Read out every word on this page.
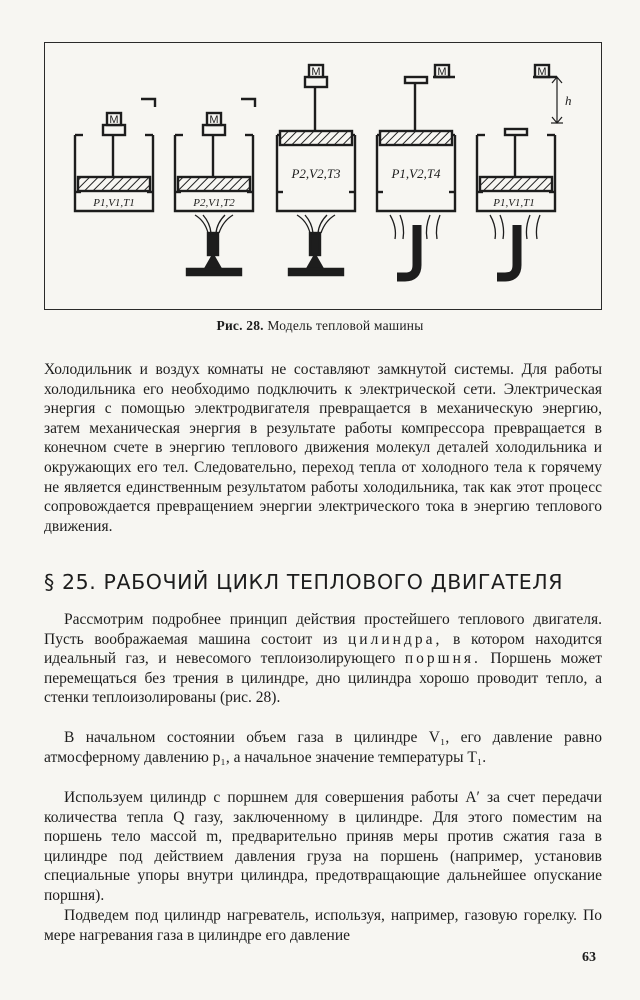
M
P1,V1,T1
M
P2,V1,T2
M
P2,V2,T3
M
P1,V2,T4
M
h
P1,V1,T1
Рис. 28. Модель тепловой машины

Холодильник и воздух комнаты не составляют замкнутой системы. Для работы холодильника его необходимо подключить к электрической сети. Электрическая энергия с помощью электродвигателя превращается в механическую энергию, затем механическая энергия в результате работы компрессора превращается в конечном счете в энергию теплового движения молекул деталей холодильника и окружающих его тел. Следовательно, переход тепла от холодного тела к горячему не является единственным результатом работы холодильника, так как этот процесс сопровождается превращением энергии электрического тока в энергию теплового движения.

§ 25. РАБОЧИЙ ЦИКЛ ТЕПЛОВОГО ДВИГАТЕЛЯ

Рассмотрим подробнее принцип действия простейшего теплового двигателя. Пусть воображаемая машина состоит из цилиндра, в котором находится идеальный газ, и невесомого теплоизолирующего поршня. Поршень может перемещаться без трения в цилиндре, дно цилиндра хорошо проводит тепло, а стенки теплоизолированы (рис. 28).

В начальном состоянии объем газа в цилиндре V₁, его давление равно атмосферному давлению p₁, а начальное значение температуры T₁.

Используем цилиндр с поршнем для совершения работы A′ за счет передачи количества тепла Q газу, заключенному в цилиндре. Для этого поместим на поршень тело массой m, предварительно приняв меры против сжатия газа в цилиндре под действием давления груза на поршень (например, установив специальные упоры внутри цилиндра, предотвращающие дальнейшее опускание поршня).

Подведем под цилиндр нагреватель, используя, например, газовую горелку. По мере нагревания газа в цилиндре его давление

63
